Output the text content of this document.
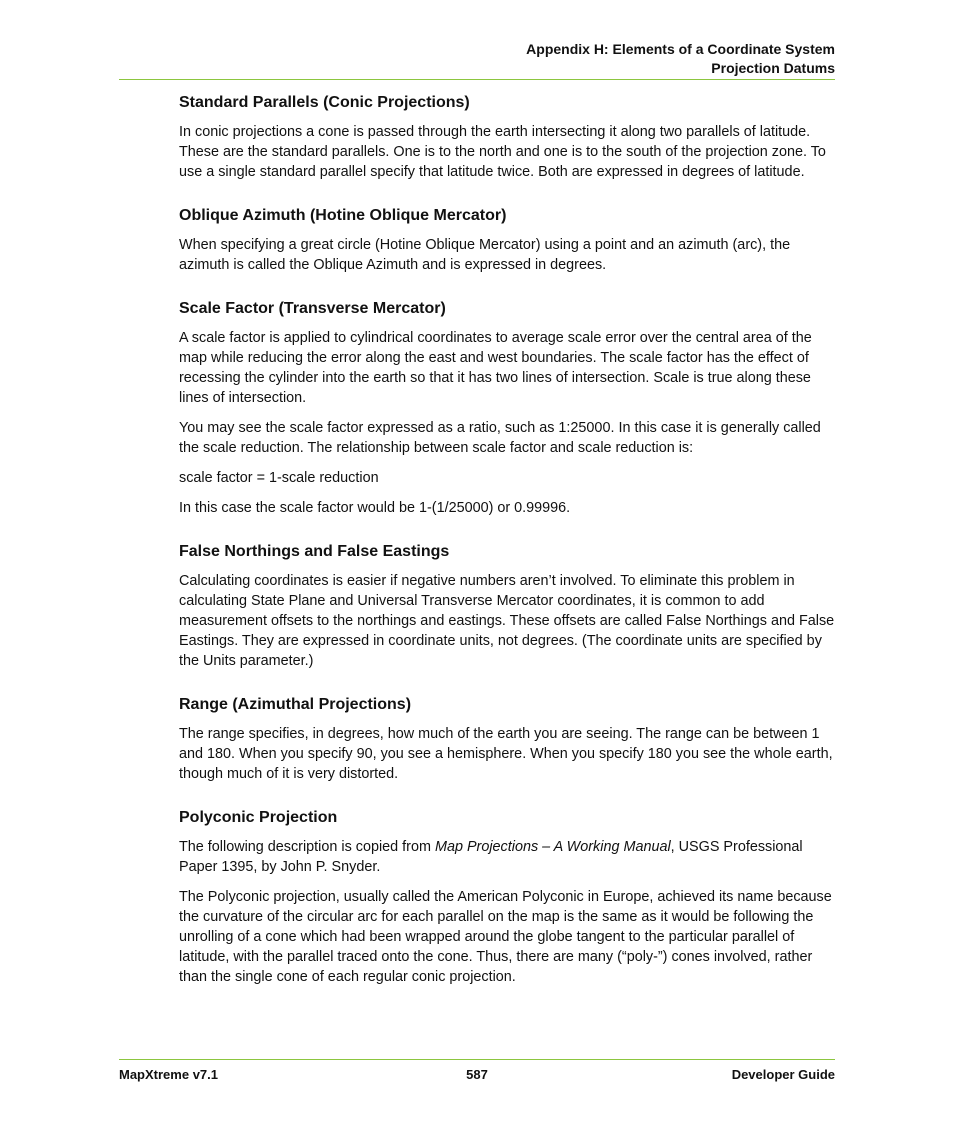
Appendix H: Elements of a Coordinate System
Projection Datums
Standard Parallels (Conic Projections)

In conic projections a cone is passed through the earth intersecting it along two parallels of latitude. These are the standard parallels. One is to the north and one is to the south of the projection zone. To use a single standard parallel specify that latitude twice. Both are expressed in degrees of latitude.

Oblique Azimuth (Hotine Oblique Mercator)

When specifying a great circle (Hotine Oblique Mercator) using a point and an azimuth (arc), the azimuth is called the Oblique Azimuth and is expressed in degrees.

Scale Factor (Transverse Mercator)

A scale factor is applied to cylindrical coordinates to average scale error over the central area of the map while reducing the error along the east and west boundaries. The scale factor has the effect of recessing the cylinder into the earth so that it has two lines of intersection. Scale is true along these lines of intersection.

You may see the scale factor expressed as a ratio, such as 1:25000. In this case it is generally called the scale reduction. The relationship between scale factor and scale reduction is:

scale factor = 1-scale reduction

In this case the scale factor would be 1-(1/25000) or 0.99996.

False Northings and False Eastings

Calculating coordinates is easier if negative numbers aren’t involved. To eliminate this problem in calculating State Plane and Universal Transverse Mercator coordinates, it is common to add measurement offsets to the northings and eastings. These offsets are called False Northings and False Eastings. They are expressed in coordinate units, not degrees. (The coordinate units are specified by the Units parameter.)

Range (Azimuthal Projections)

The range specifies, in degrees, how much of the earth you are seeing. The range can be between 1 and 180. When you specify 90, you see a hemisphere. When you specify 180 you see the whole earth, though much of it is very distorted.

Polyconic Projection

The following description is copied from Map Projections – A Working Manual, USGS Professional Paper 1395, by John P. Snyder.

The Polyconic projection, usually called the American Polyconic in Europe, achieved its name because the curvature of the circular arc for each parallel on the map is the same as it would be following the unrolling of a cone which had been wrapped around the globe tangent to the particular parallel of latitude, with the parallel traced onto the cone. Thus, there are many (“poly-”) cones involved, rather than the single cone of each regular conic projection.

MapXtreme v7.1	587	Developer Guide
